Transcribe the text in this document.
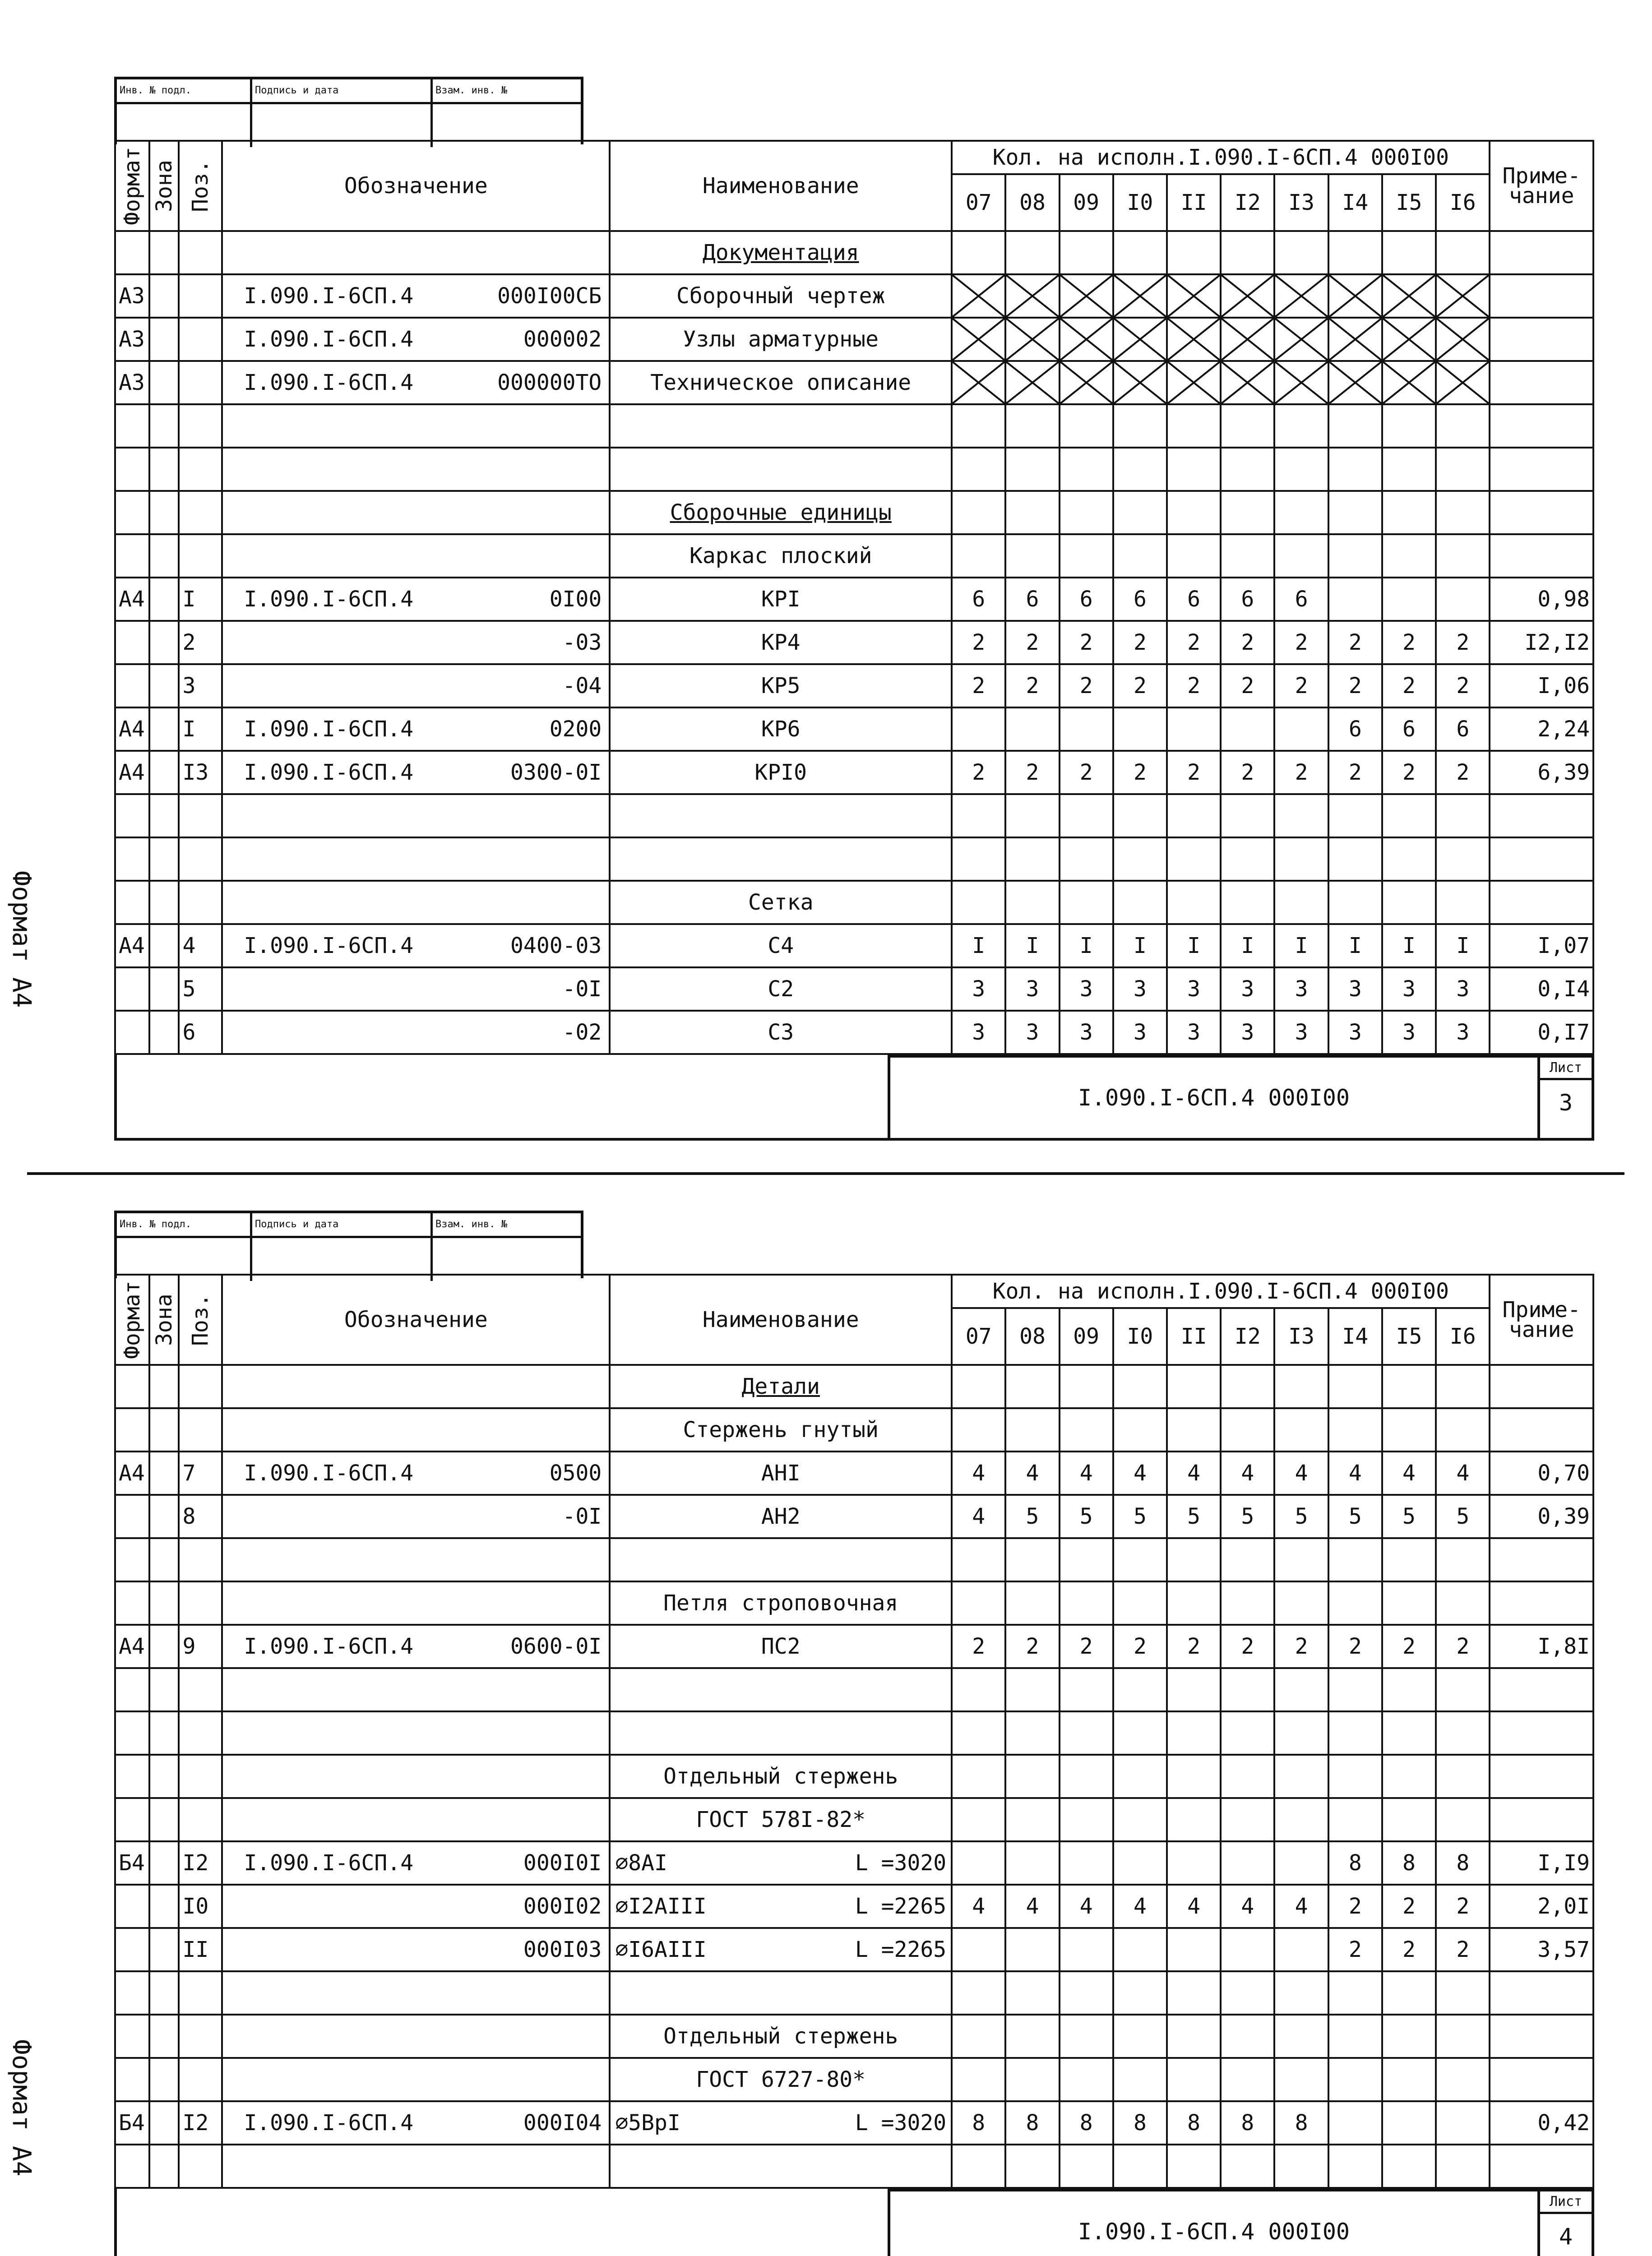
Инв. № подл.	Подпись и дата	Взам. инв. №
Формат	Зона	Поз.	Обозначение	Наименование	Кол. на исполн.I.090.I-6СП.4 000I00										Приме-
чание
					07	08	09	I0	II	I2	I3	I4	I5	I6	
				Документация											
А3			I.090.I-6СП.4 000I00СБ	Сборочный чертеж											
А3			I.090.I-6СП.4 000002	Узлы арматурные											
А3			I.090.I-6СП.4 000000ТО	Техническое описание											

				Сборочные единицы											
				Каркас плоский											
А4		I	I.090.I-6СП.4 0I00	КРI	6	6	6	6	6	6	6				0,98
		2	-03	КР4	2	2	2	2	2	2	2	2	2	2	I2,I2
		3	-04	КР5	2	2	2	2	2	2	2	2	2	2	I,06
А4		I	I.090.I-6СП.4 0200	КР6								6	6	6	2,24
А4		I3	I.090.I-6СП.4 0300-0I	КРI0	2	2	2	2	2	2	2	2	2	2	6,39

				Сетка											
А4		4	I.090.I-6СП.4 0400-03	С4	I	I	I	I	I	I	I	I	I	I	I,07
		5	-0I	С2	3	3	3	3	3	3	3	3	3	3	0,I4
		6	-02	С3	3	3	3	3	3	3	3	3	3	3	0,I7
I.090.I-6СП.4 000I00
Лист
3
Инв. № подл.	Подпись и дата	Взам. инв. №
Формат	Зона	Поз.	Обозначение	Наименование	Кол. на исполн.I.090.I-6СП.4 000I00										Приме-
чание
					07	08	09	I0	II	I2	I3	I4	I5	I6	
				Детали											
				Стержень гнутый											
А4		7	I.090.I-6СП.4 0500	АНI	4	4	4	4	4	4	4	4	4	4	0,70
		8	-0I	АН2	4	5	5	5	5	5	5	5	5	5	0,39

				Петля строповочная											
А4		9	I.090.I-6СП.4 0600-0I	ПС2	2	2	2	2	2	2	2	2	2	2	I,8I

				Отдельный стержень											
				ГОСТ 578I-82*											
Б4		I2	I.090.I-6СП.4 000I0I	⌀8АI L =3020								8	8	8	I,I9
		I0	000I02	⌀I2АIII L =2265	4	4	4	4	4	4	4	2	2	2	2,0I
		II	000I03	⌀I6АIII L =2265								2	2	2	3,57

				Отдельный стержень											
				ГОСТ 6727-80*											
Б4		I2	I.090.I-6СП.4 000I04	⌀5ВрI L =3020	8	8	8	8	8	8	8				0,42

I.090.I-6СП.4 000I00
Лист
4
Формат А4
Формат А4
